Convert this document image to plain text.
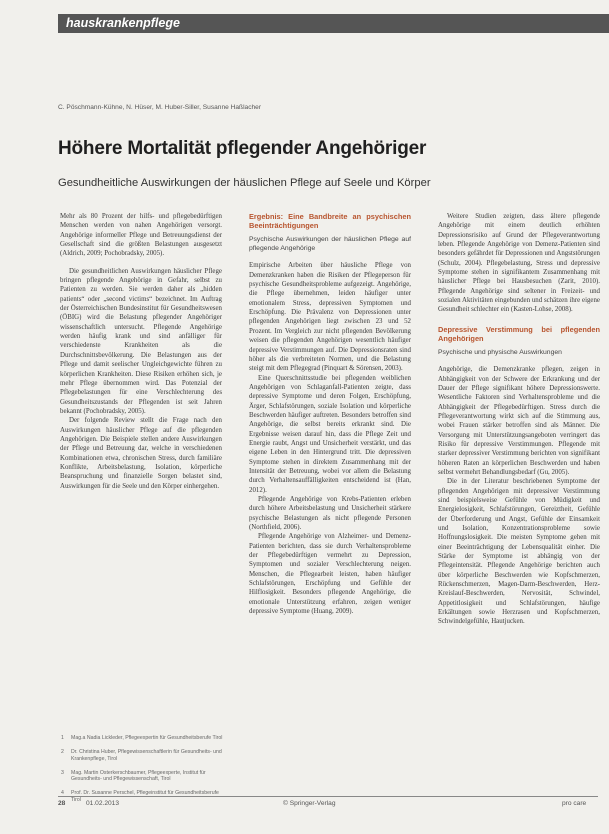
hauskrankenpflege
C. Pöschmann-Kühne, N. Hüser, M. Huber-Siller, Susanne Haßlacher
Höhere Mortalität pflegender Angehöriger
Gesundheitliche Auswirkungen der häuslichen Pflege auf Seele und Körper

Mehr als 80 Prozent der hilfs- und pflegebedürftigen Menschen werden von nahen Angehörigen versorgt. Angehörige informeller Pflege und Betreuungsdienst der Gesellschaft sind die größten Belastungen ausgesetzt (Aldrich, 2009; Pochobradsky, 2005).

Die gesundheitlichen Auswirkungen häuslicher Pflege bringen pflegende Angehörige in Gefahr, selbst zu Patienten zu werden. Sie werden daher als „hidden patients“ oder „second victims“ bezeichnet. Im Auftrag der Österreichischen Bundesinstitut für Gesundheitswesen (ÖBIG) wird die Belastung pflegender Angehöriger wissenschaftlich untersucht. Pflegende Angehörige werden häufig krank und sind anfälliger für verschiedenste Krankheiten als die Durchschnittsbevölkerung. Die Belastungen aus der Pflege und damit seelischer Ungleichgewichte führen zu körperlichen Krankheiten. Diese Risiken erhöhen sich, je mehr Pflege übernommen wird. Das Potenzial der Pflegebelastungen für eine Verschlechterung des Gesundheitszustands der Pflegenden ist seit Jahren bekannt (Pochobradsky, 2005).

Der folgende Review stellt die Frage nach den Auswirkungen häuslicher Pflege auf die pflegenden Angehörigen. Die Beispiele stellen andere Auswirkungen der Pflege und Betreuung dar, welche in verschiedenen Kombinationen etwa, chronischen Stress, durch familiäre Konflikte, Arbeitsbelastung, Isolation, körperliche Beanspruchung und finanzielle Sorgen belastet sind, Auswirkungen für die Seele und den Körper einhergehen.

Ergebnis: Eine Bandbreite an psychischen Beeinträchtigungen
Psychische Auswirkungen der häuslichen Pflege auf pflegende Angehörige

Empirische Arbeiten über häusliche Pflege von Demenzkranken haben die Risiken der Pflegeperson für psychische Gesundheitsprobleme aufgezeigt. Angehörige, die Pflege übernehmen, leiden häufiger unter emotionalem Stress, depressiven Symptomen und Erschöpfung. Die Prävalenz von Depressionen unter pflegenden Angehörigen liegt zwischen 23 und 52 Prozent. Im Vergleich zur nicht pflegenden Bevölkerung weisen die pflegenden Angehörigen wesentlich häufiger depressive Verstimmungen auf. Die Depressionsraten sind höher als die verbreiteten Normen, und die Belastung steigt mit dem Pflegegrad (Pinquart & Sörensen, 2003).

Eine Querschnittsstudie bei pflegenden weiblichen Angehörigen von Schlaganfall-Patienten zeigte, dass depressive Symptome und deren Folgen, Erschöpfung, Ärger, Schlafstörungen, soziale Isolation und körperliche Beschwerden häufiger auftreten. Besonders betroffen sind Angehörige, die selbst bereits erkrankt sind. Die Ergebnisse weisen darauf hin, dass die Pflege Zeit und Energie raubt, Angst und Unsicherheit verstärkt, und das eigene Leben in den Hintergrund tritt. Die depressiven Symptome stehen in direktem Zusammenhang mit der Intensität der Betreuung, wobei vor allem die Belastung durch Verhaltensauffälligkeiten entscheidend ist (Han, 2012).

Pflegende Angehörige von Krebs-Patienten erleben durch höhere Arbeitsbelastung und Unsicherheit stärkere psychische Belastungen als nicht pflegende Personen (Northfield, 2006).

Pflegende Angehörige von Alzheimer- und Demenz-Patienten berichten, dass sie durch Verhaltensprobleme der Pflegebedürftigen vermehrt zu Depression, Symptomen und sozialer Verschlechterung neigen. Menschen, die Pflegearbeit leisten, haben häufiger Schlafstörungen, Erschöpfung und Gefühle der Hilflosigkeit. Besonders pflegende Angehörige, die emotionale Unterstützung erfahren, zeigen weniger depressive Symptome (Huang, 2009).

Weitere Studien zeigten, dass ältere pflegende Angehörige mit einem deutlich erhöhten Depressionsrisiko auf Grund der Pflegeverantwortung leben. Pflegende Angehörige von Demenz-Patienten sind besonders gefährdet für Depressionen und Angststörungen (Schulz, 2004). Pflegebelastung, Stress und depressive Symptome stehen in signifikantem Zusammenhang mit häuslicher Pflege bei Hausbesuchen (Zarit, 2010). Pflegende Angehörige sind seltener in Freizeit- und sozialen Aktivitäten eingebunden und schätzen ihre eigene Gesundheit schlechter ein (Kasten-Lohse, 2008).

Depressive Verstimmung bei pflegenden Angehörigen
Psychische und physische Auswirkungen

Angehörige, die Demenzkranke pflegen, zeigen in Abhängigkeit von der Schwere der Erkrankung und der Dauer der Pflege signifikant höhere Depressionswerte. Wesentliche Faktoren sind Verhaltensprobleme und die Abhängigkeit der Pflegebedürftigen. Stress durch die Pflegeverantwortung wirkt sich auf die Stimmung aus, wobei Frauen stärker betroffen sind als Männer. Die Versorgung mit Unterstützungsangeboten verringert das Risiko für depressive Verstimmungen. Pflegende mit starker depressiver Verstimmung berichten von signifikant höheren Raten an körperlichen Beschwerden und haben selbst vermehrt Behandlungsbedarf (Gu, 2005).

Die in der Literatur beschriebenen Symptome der pflegenden Angehörigen mit depressiver Verstimmung sind beispielsweise Gefühle von Müdigkeit und Energielosigkeit, Schlafstörungen, Gereiztheit, Gefühle der Überforderung und Angst, Gefühle der Einsamkeit und Isolation, Konzentrationsprobleme sowie Hoffnungslosigkeit. Die meisten Symptome gehen mit einer Beeinträchtigung der Lebensqualität einher. Die Stärke der Symptome ist abhängig von der Pflegeintensität. Pflegende Angehörige berichten auch über körperliche Beschwerden wie Kopfschmerzen, Rückenschmerzen, Magen-Darm-Beschwerden, Herz-Kreislauf-Beschwerden, Nervosität, Schwindel, Appetitlosigkeit und Schlafstörungen, häufige Erkältungen sowie Herzrasen und Kopfschmerzen, Schwindelgefühle, Hautjucken.

1 Mag.a Nadia Lickleder, Pflegeexpertin für Gesundheitsberufe Tirol
2 Dr. Christina Huber, Pflegewissenschaftlerin für Gesundheits- und Krankenpflege, Tirol
3 Mag. Martin Osterkerschbaumer, Pflegeexperte, Institut für Gesundheits- und Pflegewissenschaft, Tirol
4 Prof. Dr. Susanne Perschel, Pflegeinstitut für Gesundheitsberufe Tirol
28	01.02.2013	© Springer-Verlag	pro care
